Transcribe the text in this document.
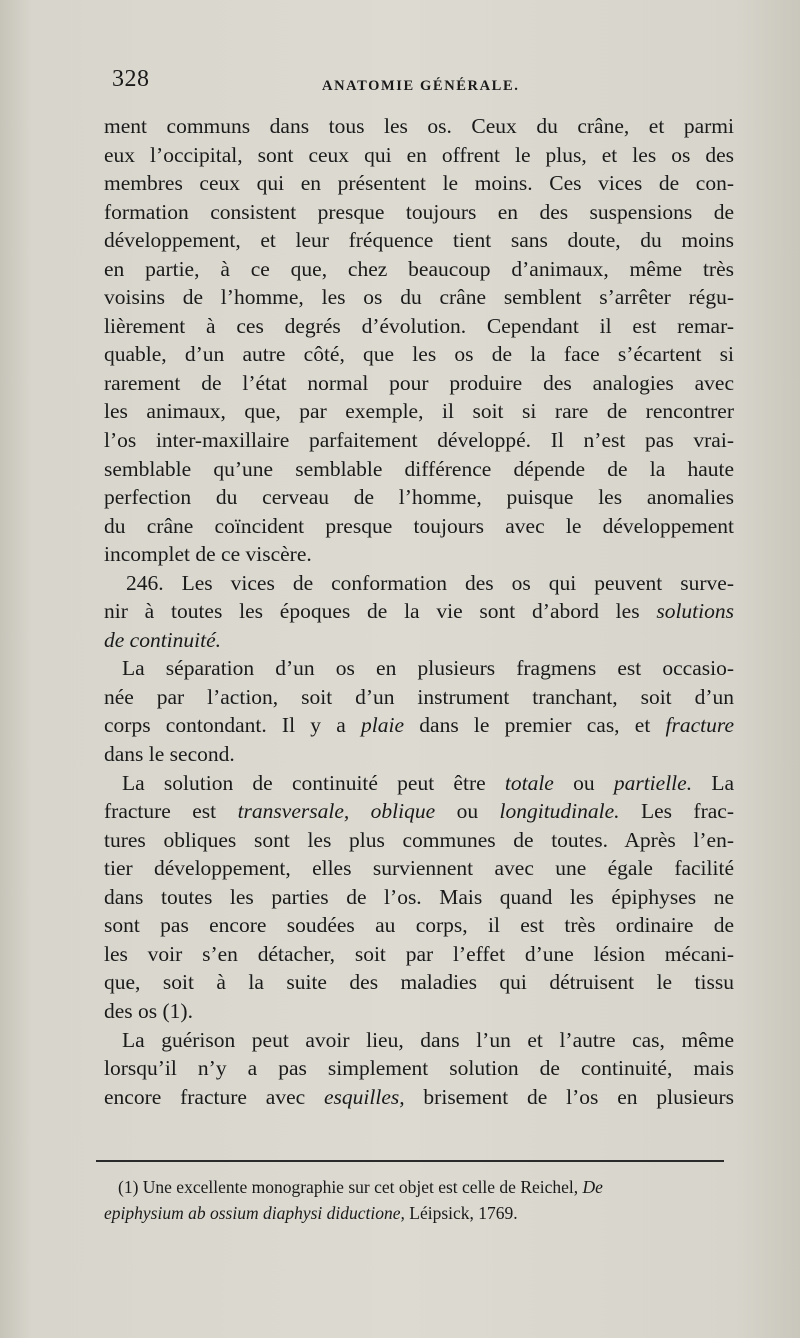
328	ANATOMIE GÉNÉRALE.
ment communs dans tous les os. Ceux du crâne, et parmi
eux l’occipital, sont ceux qui en offrent le plus, et les os des
membres ceux qui en présentent le moins. Ces vices de con-
formation consistent presque toujours en des suspensions de
développement, et leur fréquence tient sans doute, du moins
en partie, à ce que, chez beaucoup d’animaux, même très
voisins de l’homme, les os du crâne semblent s’arrêter régu-
lièrement à ces degrés d’évolution. Cependant il est remar-
quable, d’un autre côté, que les os de la face s’écartent si
rarement de l’état normal pour produire des analogies avec
les animaux, que, par exemple, il soit si rare de rencontrer
l’os inter-maxillaire parfaitement développé. Il n’est pas vrai-
semblable qu’une semblable différence dépende de la haute
perfection du cerveau de l’homme, puisque les anomalies
du crâne coïncident presque toujours avec le développement
incomplet de ce viscère.
246. Les vices de conformation des os qui peuvent surve-
nir à toutes les époques de la vie sont d’abord les solutions
de continuité.
La séparation d’un os en plusieurs fragmens est occasio-
née par l’action, soit d’un instrument tranchant, soit d’un
corps contondant. Il y a plaie dans le premier cas, et fracture
dans le second.
La solution de continuité peut être totale ou partielle. La
fracture est transversale, oblique ou longitudinale. Les frac-
tures obliques sont les plus communes de toutes. Après l’en-
tier développement, elles surviennent avec une égale facilité
dans toutes les parties de l’os. Mais quand les épiphyses ne
sont pas encore soudées au corps, il est très ordinaire de
les voir s’en détacher, soit par l’effet d’une lésion mécani-
que, soit à la suite des maladies qui détruisent le tissu
des os (1).
La guérison peut avoir lieu, dans l’un et l’autre cas, même
lorsqu’il n’y a pas simplement solution de continuité, mais
encore fracture avec esquilles, brisement de l’os en plusieurs
(1) Une excellente monographie sur cet objet est celle de Reichel, De
epiphysium ab ossium diaphysi diductione, Léipsick, 1769.
